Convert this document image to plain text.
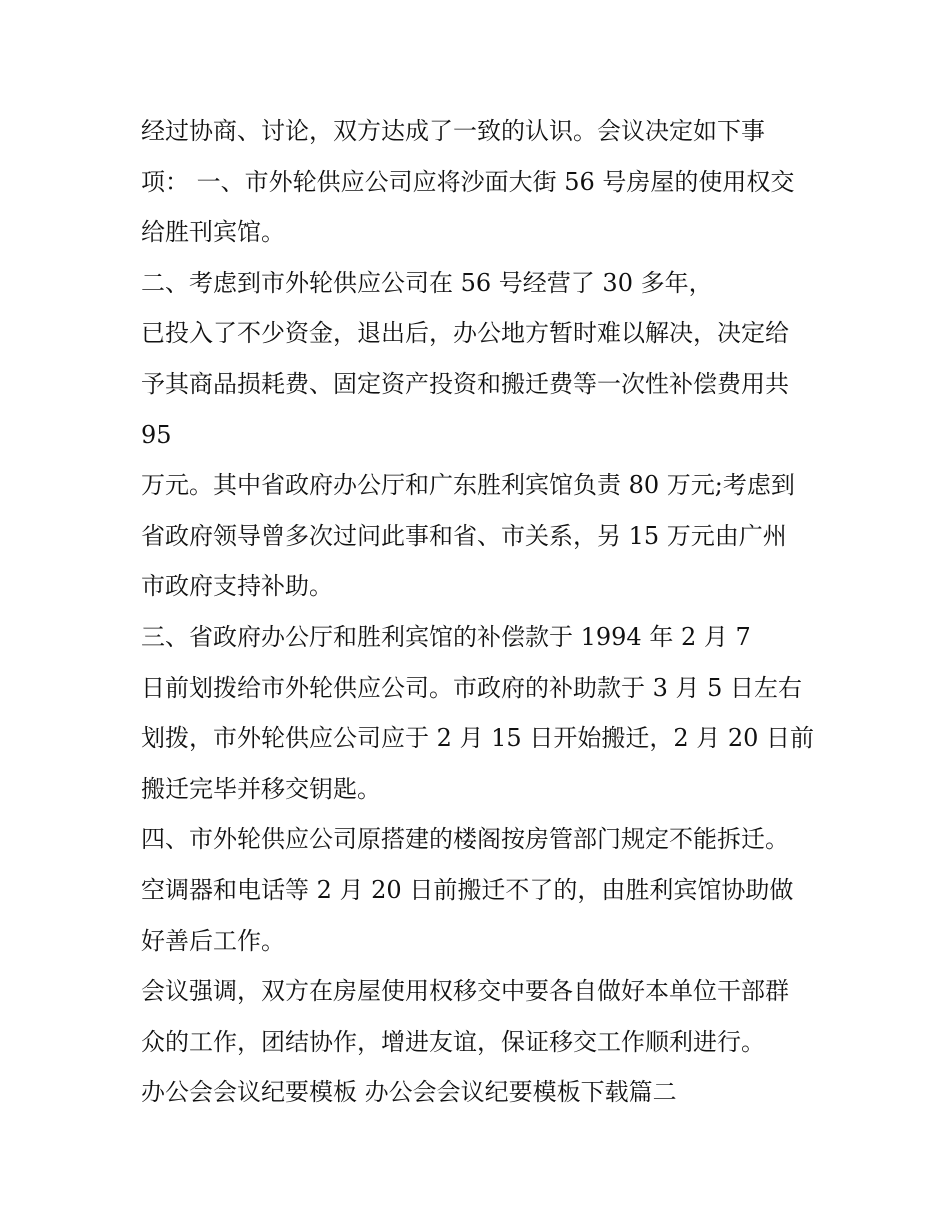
经过协商、讨论，双方达成了一致的认识。会议决定如下事

项： 一、市外轮供应公司应将沙面大街 56 号房屋的使用权交

给胜刊宾馆。

二、考虑到市外轮供应公司在 56 号经营了 30 多年，

已投入了不少资金，退出后，办公地方暂时难以解决，决定给

予其商品损耗费、固定资产投资和搬迁费等一次性补偿费用共

95

万元。其中省政府办公厅和广东胜利宾馆负责 80 万元;考虑到

省政府领导曾多次过问此事和省、市关系，另 15 万元由广州

市政府支持补助。

三、省政府办公厅和胜利宾馆的补偿款于 1994 年 2 月 7

日前划拨给市外轮供应公司。市政府的补助款于 3 月 5 日左右

划拨，市外轮供应公司应于 2 月 15 日开始搬迁，2 月 20 日前

搬迁完毕并移交钥匙。

四、市外轮供应公司原搭建的楼阁按房管部门规定不能拆迁。

空调器和电话等 2 月 20 日前搬迁不了的，由胜利宾馆协助做

好善后工作。

会议强调，双方在房屋使用权移交中要各自做好本单位干部群

众的工作，团结协作，增进友谊，保证移交工作顺利进行。

办公会会议纪要模板 办公会会议纪要模板下载篇二
